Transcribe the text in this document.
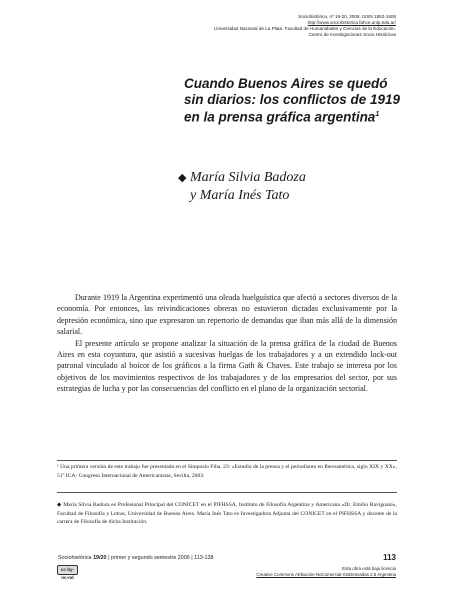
Sociohistórica, nº 19-20, 2006. ISSN 1852-1606
http://www.sociohistorica.fahce.unlp.edu.ar/
Universidad Nacional de La Plata. Facultad de Humanidades y Ciencias de la Educación.
Centro de Investigaciones Socio Históricas
Cuando Buenos Aires se quedó sin diarios: los conflictos de 1919 en la prensa gráfica argentina$^1$
◆ María Silvia Badoza
y María Inés Tato

Durante 1919 la Argentina experimentó una oleada huelguística que afectó a sectores diversos de la economía. Por entonces, las reivindicaciones obreras no estuvieron dictadas exclusivamente por la depresión económica, sino que expresaron un repertorio de demandas que iban más allá de la dimensión salarial.

El presente artículo se propone analizar la situación de la prensa gráfica de la ciudad de Buenos Aires en esta coyuntura, que asistió a sucesivas huelgas de los trabajadores y a un extendido lock-out patronal vinculado al boicot de los gráficos a la firma Gath & Chaves. Este trabajo se interesa por los objetivos de los movimientos respectivos de los trabajadores y de los empresarios del sector, por sus estrategias de lucha y por las consecuencias del conflicto en el plano de la organización sectorial.

¹ Una primera versión de este trabajo fue presentada en el Simposio Fiba. 23: «Estudio de la prensa y el periodismo en Iberoamérica, siglo XIX y XX», 51º ICA- Congreso Internacional de Americanistas, Sevilla, 2003.
◆ María Silvia Badoza es Profesional Principal del CONICET en el PIFHSSA, Instituto de Filosofía Argentina y Americana «Dr. Emilio Ravignani», Facultad de Filosofía y Letras, Universidad de Buenos Aires. María Inés Tato es Investigadora Adjunta del CONICET en el PIFHSSA y docente de la carrera de Filosofía de dicha Institución.
Sociohistórica 19/20 | primer y segundo semestre 2006 | 113-138	113
cc by-nc-nd
Esta obra está bajo licencia
Creative Commons Atribución-NoComercial-SinDerivadas 2.5 Argentina
